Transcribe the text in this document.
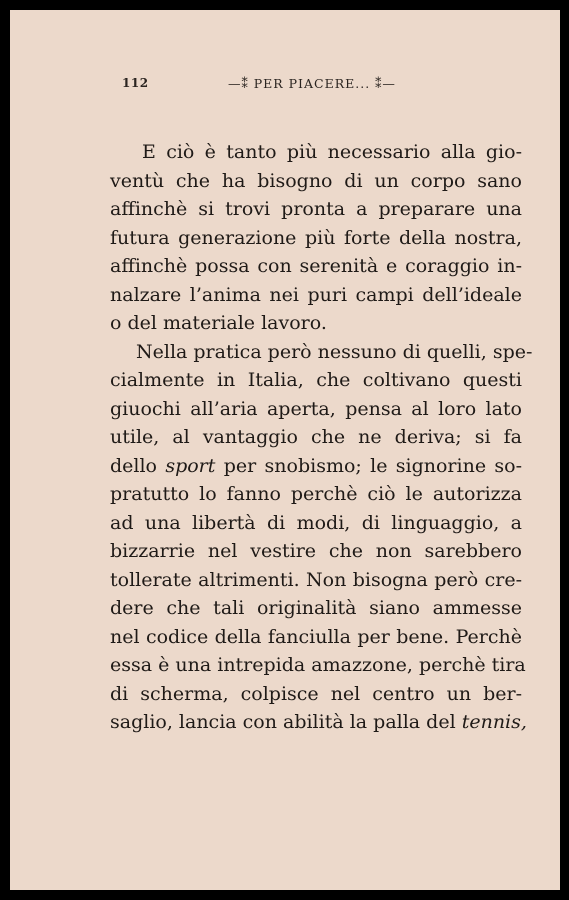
112	—⁑ PER PIACERE... ⁑—
E ciò è tanto più necessario alla gio-
ventù che ha bisogno di un corpo sano
affinchè si trovi pronta a preparare una
futura generazione più forte della nostra,
affinchè possa con serenità e coraggio in-
nalzare l’anima nei puri campi dell’ideale
o del materiale lavoro.
Nella pratica però nessuno di quelli, spe-
cialmente in Italia, che coltivano questi
giuochi all’aria aperta, pensa al loro lato
utile, al vantaggio che ne deriva; si fa
dello sport per snobismo; le signorine so-
pratutto lo fanno perchè ciò le autorizza
ad una libertà di modi, di linguaggio, a
bizzarrie nel vestire che non sarebbero
tollerate altrimenti. Non bisogna però cre-
dere che tali originalità siano ammesse
nel codice della fanciulla per bene. Perchè
essa è una intrepida amazzone, perchè tira
di scherma, colpisce nel centro un ber-
saglio, lancia con abilità la palla del tennis,
